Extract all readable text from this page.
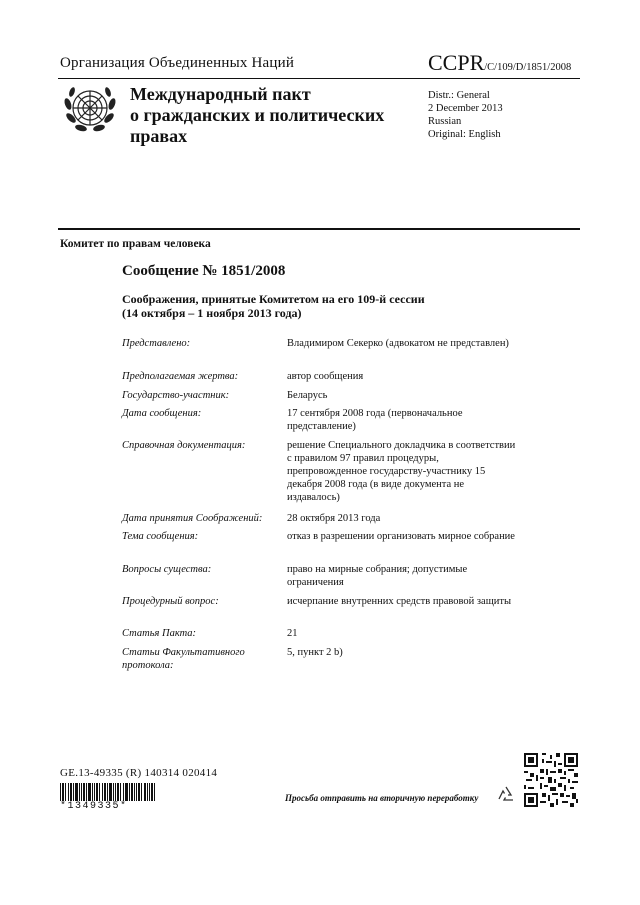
Организация Объединенных Наций	CCPR/C/109/D/1851/2008
Международный пакт
о гражданских и политических
правах
Distr.: General
2 December 2013
Russian
Original: English
Комитет по правам человека
Сообщение № 1851/2008
Соображения, принятые Комитетом на его 109-й сессии
(14 октября – 1 ноября 2013 года)
Представлено:	Владимиром Секерко (адвокатом не представлен)
Предполагаемая жертва:	автор сообщения
Государство-участник:	Беларусь
Дата сообщения:	17 сентября 2008 года (первоначальное представление)
Справочная документация:	решение Специального докладчика в соответствии с правилом 97 правил процедуры, препровожденное государству-участнику 15 декабря 2008 года (в виде документа не издавалось)
Дата принятия Соображений:	28 октября 2013 года
Тема сообщения:	отказ в разрешении организовать мирное собрание
Вопросы существа:	право на мирные собрания; допустимые ограничения
Процедурный вопрос:	исчерпание внутренних средств правовой защиты
Статья Пакта:	21
Статьи Факультативного протокола:
5, пункт 2 b)
GE.13-49335 (R) 140314 020414
*1349335*
Просьба отправить на вторичную переработку
